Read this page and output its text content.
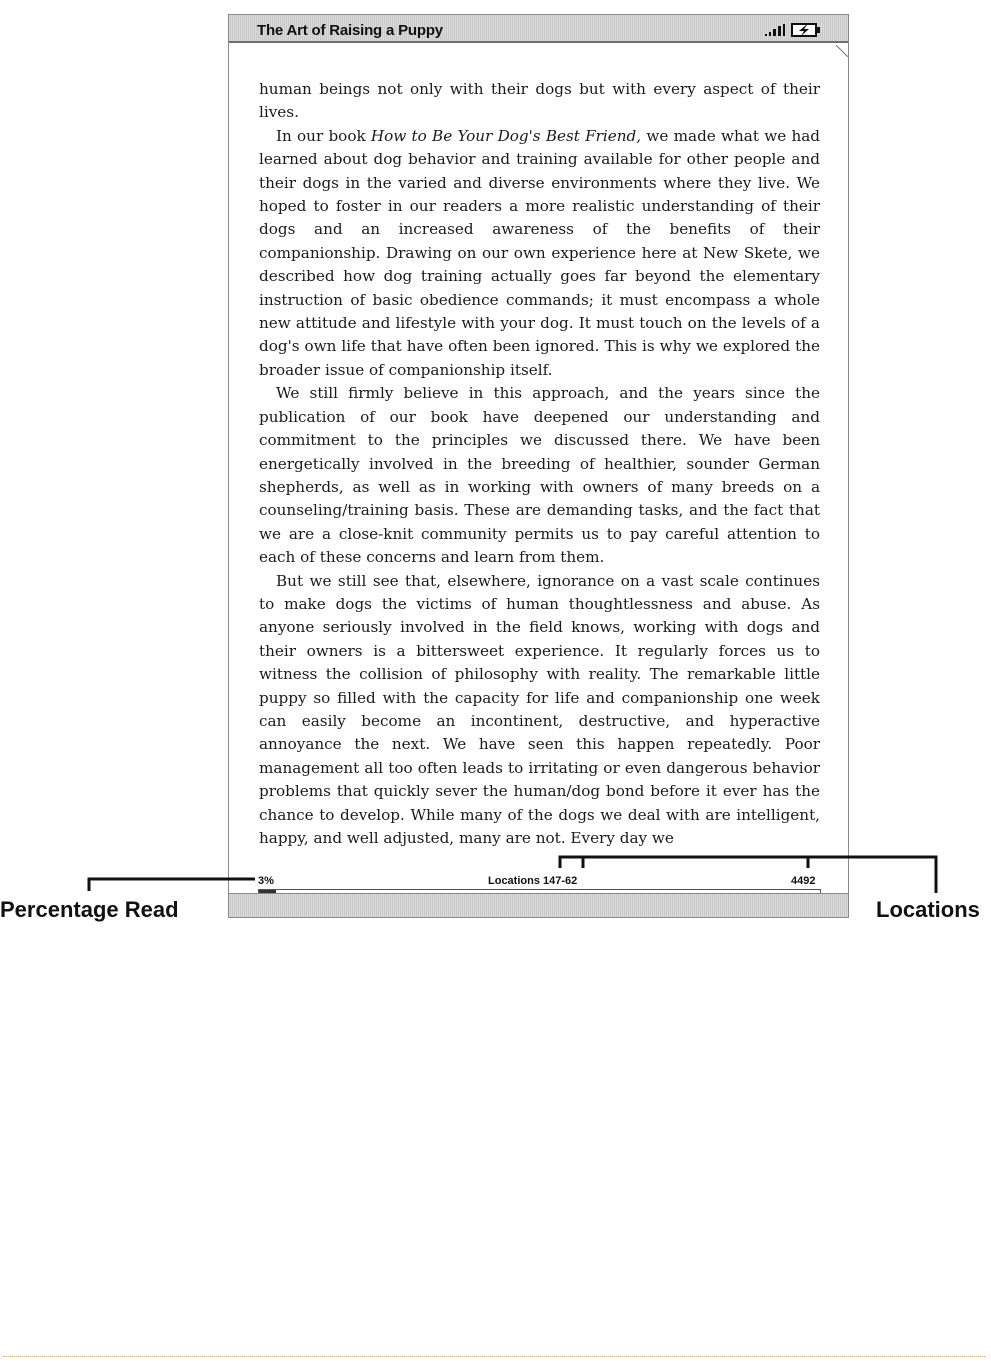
The Art of Raising a Puppy

human beings not only with their dogs but with every aspect of their lives.

In our book How to Be Your Dog's Best Friend, we made what we had learned about dog behavior and training available for other people and their dogs in the varied and diverse environments where they live. We hoped to foster in our readers a more realistic understanding of their dogs and an increased awareness of the benefits of their companionship. Drawing on our own experience here at New Skete, we described how dog training actually goes far beyond the elementary instruction of basic obedience commands; it must encompass a whole new attitude and lifestyle with your dog. It must touch on the levels of a dog's own life that have often been ignored. This is why we explored the broader issue of companionship itself.

We still firmly believe in this approach, and the years since the publication of our book have deepened our understanding and commitment to the principles we discussed there. We have been energetically involved in the breeding of healthier, sounder German shepherds, as well as in working with owners of many breeds on a counseling/training basis. These are demanding tasks, and the fact that we are a close-knit community permits us to pay careful attention to each of these concerns and learn from them.

But we still see that, elsewhere, ignorance on a vast scale continues to make dogs the victims of human thoughtlessness and abuse. As anyone seriously involved in the field knows, working with dogs and their owners is a bittersweet experience. It regularly forces us to witness the collision of philosophy with reality. The remarkable little puppy so filled with the capacity for life and companionship one week can easily become an incontinent, destructive, and hyperactive annoyance the next. We have seen this happen repeatedly. Poor management all too often leads to irritating or even dangerous behavior problems that quickly sever the human/dog bond before it ever has the chance to develop. While many of the dogs we deal with are intelligent, happy, and well adjusted, many are not. Every day we

3%	Locations 147-62	4492
Percentage Read	Locations
